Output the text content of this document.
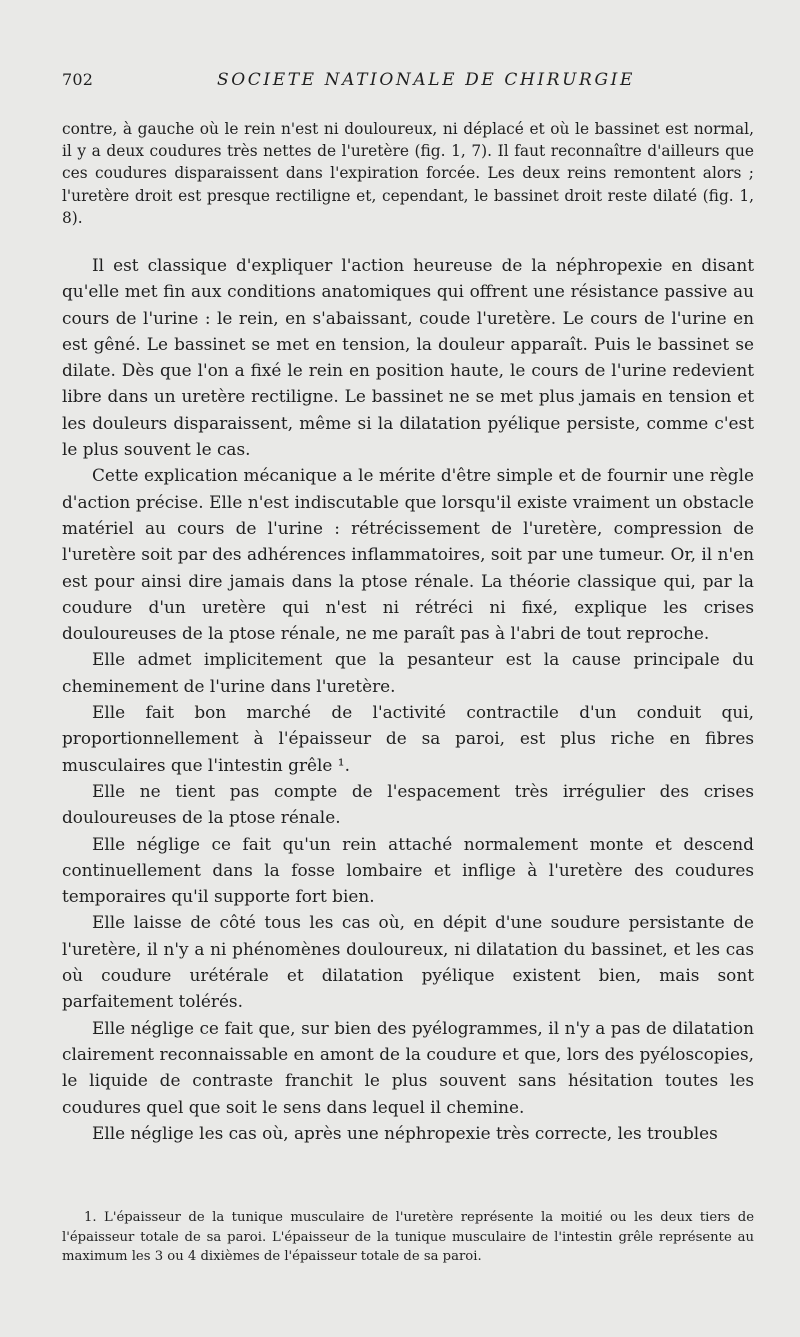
702	SOCIETE NATIONALE DE CHIRURGIE

contre, à gauche où le rein n'est ni douloureux, ni déplacé et où le bassinet est normal, il y a deux coudures très nettes de l'uretère (fig. 1, 7). Il faut reconnaître d'ailleurs que ces coudures disparaissent dans l'expiration forcée. Les deux reins remontent alors ; l'uretère droit est presque rectiligne et, cependant, le bassinet droit reste dilaté (fig. 1, 8).

Il est classique d'expliquer l'action heureuse de la néphropexie en disant qu'elle met fin aux conditions anatomiques qui offrent une résistance passive au cours de l'urine : le rein, en s'abaissant, coude l'uretère. Le cours de l'urine en est gêné. Le bassinet se met en tension, la douleur apparaît. Puis le bassinet se dilate. Dès que l'on a fixé le rein en position haute, le cours de l'urine redevient libre dans un uretère rectiligne. Le bassinet ne se met plus jamais en tension et les douleurs disparaissent, même si la dilatation pyélique persiste, comme c'est le plus souvent le cas.

Cette explication mécanique a le mérite d'être simple et de fournir une règle d'action précise. Elle n'est indiscutable que lorsqu'il existe vraiment un obstacle matériel au cours de l'urine : rétrécissement de l'uretère, compression de l'uretère soit par des adhérences inflammatoires, soit par une tumeur. Or, il n'en est pour ainsi dire jamais dans la ptose rénale. La théorie classique qui, par la coudure d'un uretère qui n'est ni rétréci ni fixé, explique les crises douloureuses de la ptose rénale, ne me paraît pas à l'abri de tout reproche.

Elle admet implicitement que la pesanteur est la cause principale du cheminement de l'urine dans l'uretère.

Elle fait bon marché de l'activité contractile d'un conduit qui, proportionnellement à l'épaisseur de sa paroi, est plus riche en fibres musculaires que l'intestin grêle ¹.

Elle ne tient pas compte de l'espacement très irrégulier des crises douloureuses de la ptose rénale.

Elle néglige ce fait qu'un rein attaché normalement monte et descend continuellement dans la fosse lombaire et inflige à l'uretère des coudures temporaires qu'il supporte fort bien.

Elle laisse de côté tous les cas où, en dépit d'une soudure persistante de l'uretère, il n'y a ni phénomènes douloureux, ni dilatation du bassinet, et les cas où coudure urétérale et dilatation pyélique existent bien, mais sont parfaitement tolérés.

Elle néglige ce fait que, sur bien des pyélogrammes, il n'y a pas de dilatation clairement reconnaissable en amont de la coudure et que, lors des pyéloscopies, le liquide de contraste franchit le plus souvent sans hésitation toutes les coudures quel que soit le sens dans lequel il chemine.

Elle néglige les cas où, après une néphropexie très correcte, les troubles

1. L'épaisseur de la tunique musculaire de l'uretère représente la moitié ou les deux tiers de l'épaisseur totale de sa paroi. L'épaisseur de la tunique musculaire de l'intestin grêle représente au maximum les 3 ou 4 dixièmes de l'épaisseur totale de sa paroi.
